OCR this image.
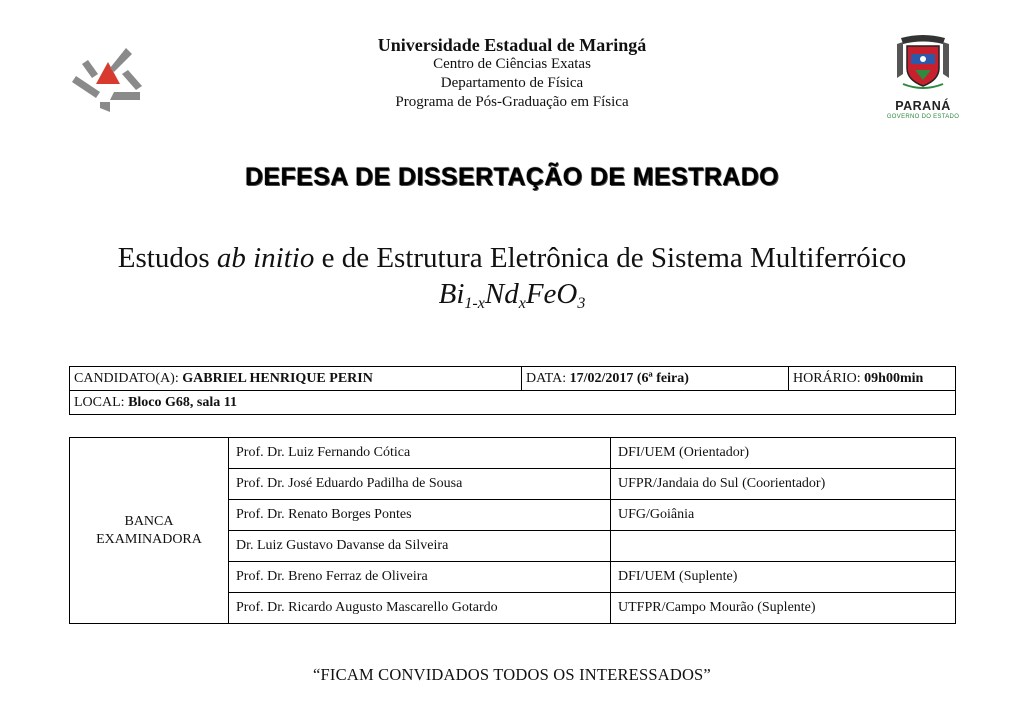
Universidade Estadual de Maringá
Centro de Ciências Exatas
Departamento de Física
Programa de Pós-Graduação em Física	PARANÁ
GOVERNO DO ESTADO
DEFESA DE DISSERTAÇÃO DE MESTRADO
Estudos ab initio e de Estrutura Eletrônica de Sistema Multiferróico
$Bi_{1-x}Nd_xFeO_3$
CANDIDATO(A): GABRIEL HENRIQUE PERIN	DATA: 17/02/2017 (6ª feira)	HORÁRIO: 09h00min
LOCAL: Bloco G68, sala 11
BANCA
EXAMINADORA	Prof. Dr. Luiz Fernando Cótica	DFI/UEM (Orientador)
	Prof. Dr. José Eduardo Padilha de Sousa	UFPR/Jandaia do Sul (Coorientador)
	Prof. Dr. Renato Borges Pontes	UFG/Goiânia
	Dr. Luiz Gustavo Davanse da Silveira	
	Prof. Dr. Breno Ferraz de Oliveira	DFI/UEM (Suplente)
	Prof. Dr. Ricardo Augusto Mascarello Gotardo	UTFPR/Campo Mourão (Suplente)
“FICAM CONVIDADOS TODOS OS INTERESSADOS”
